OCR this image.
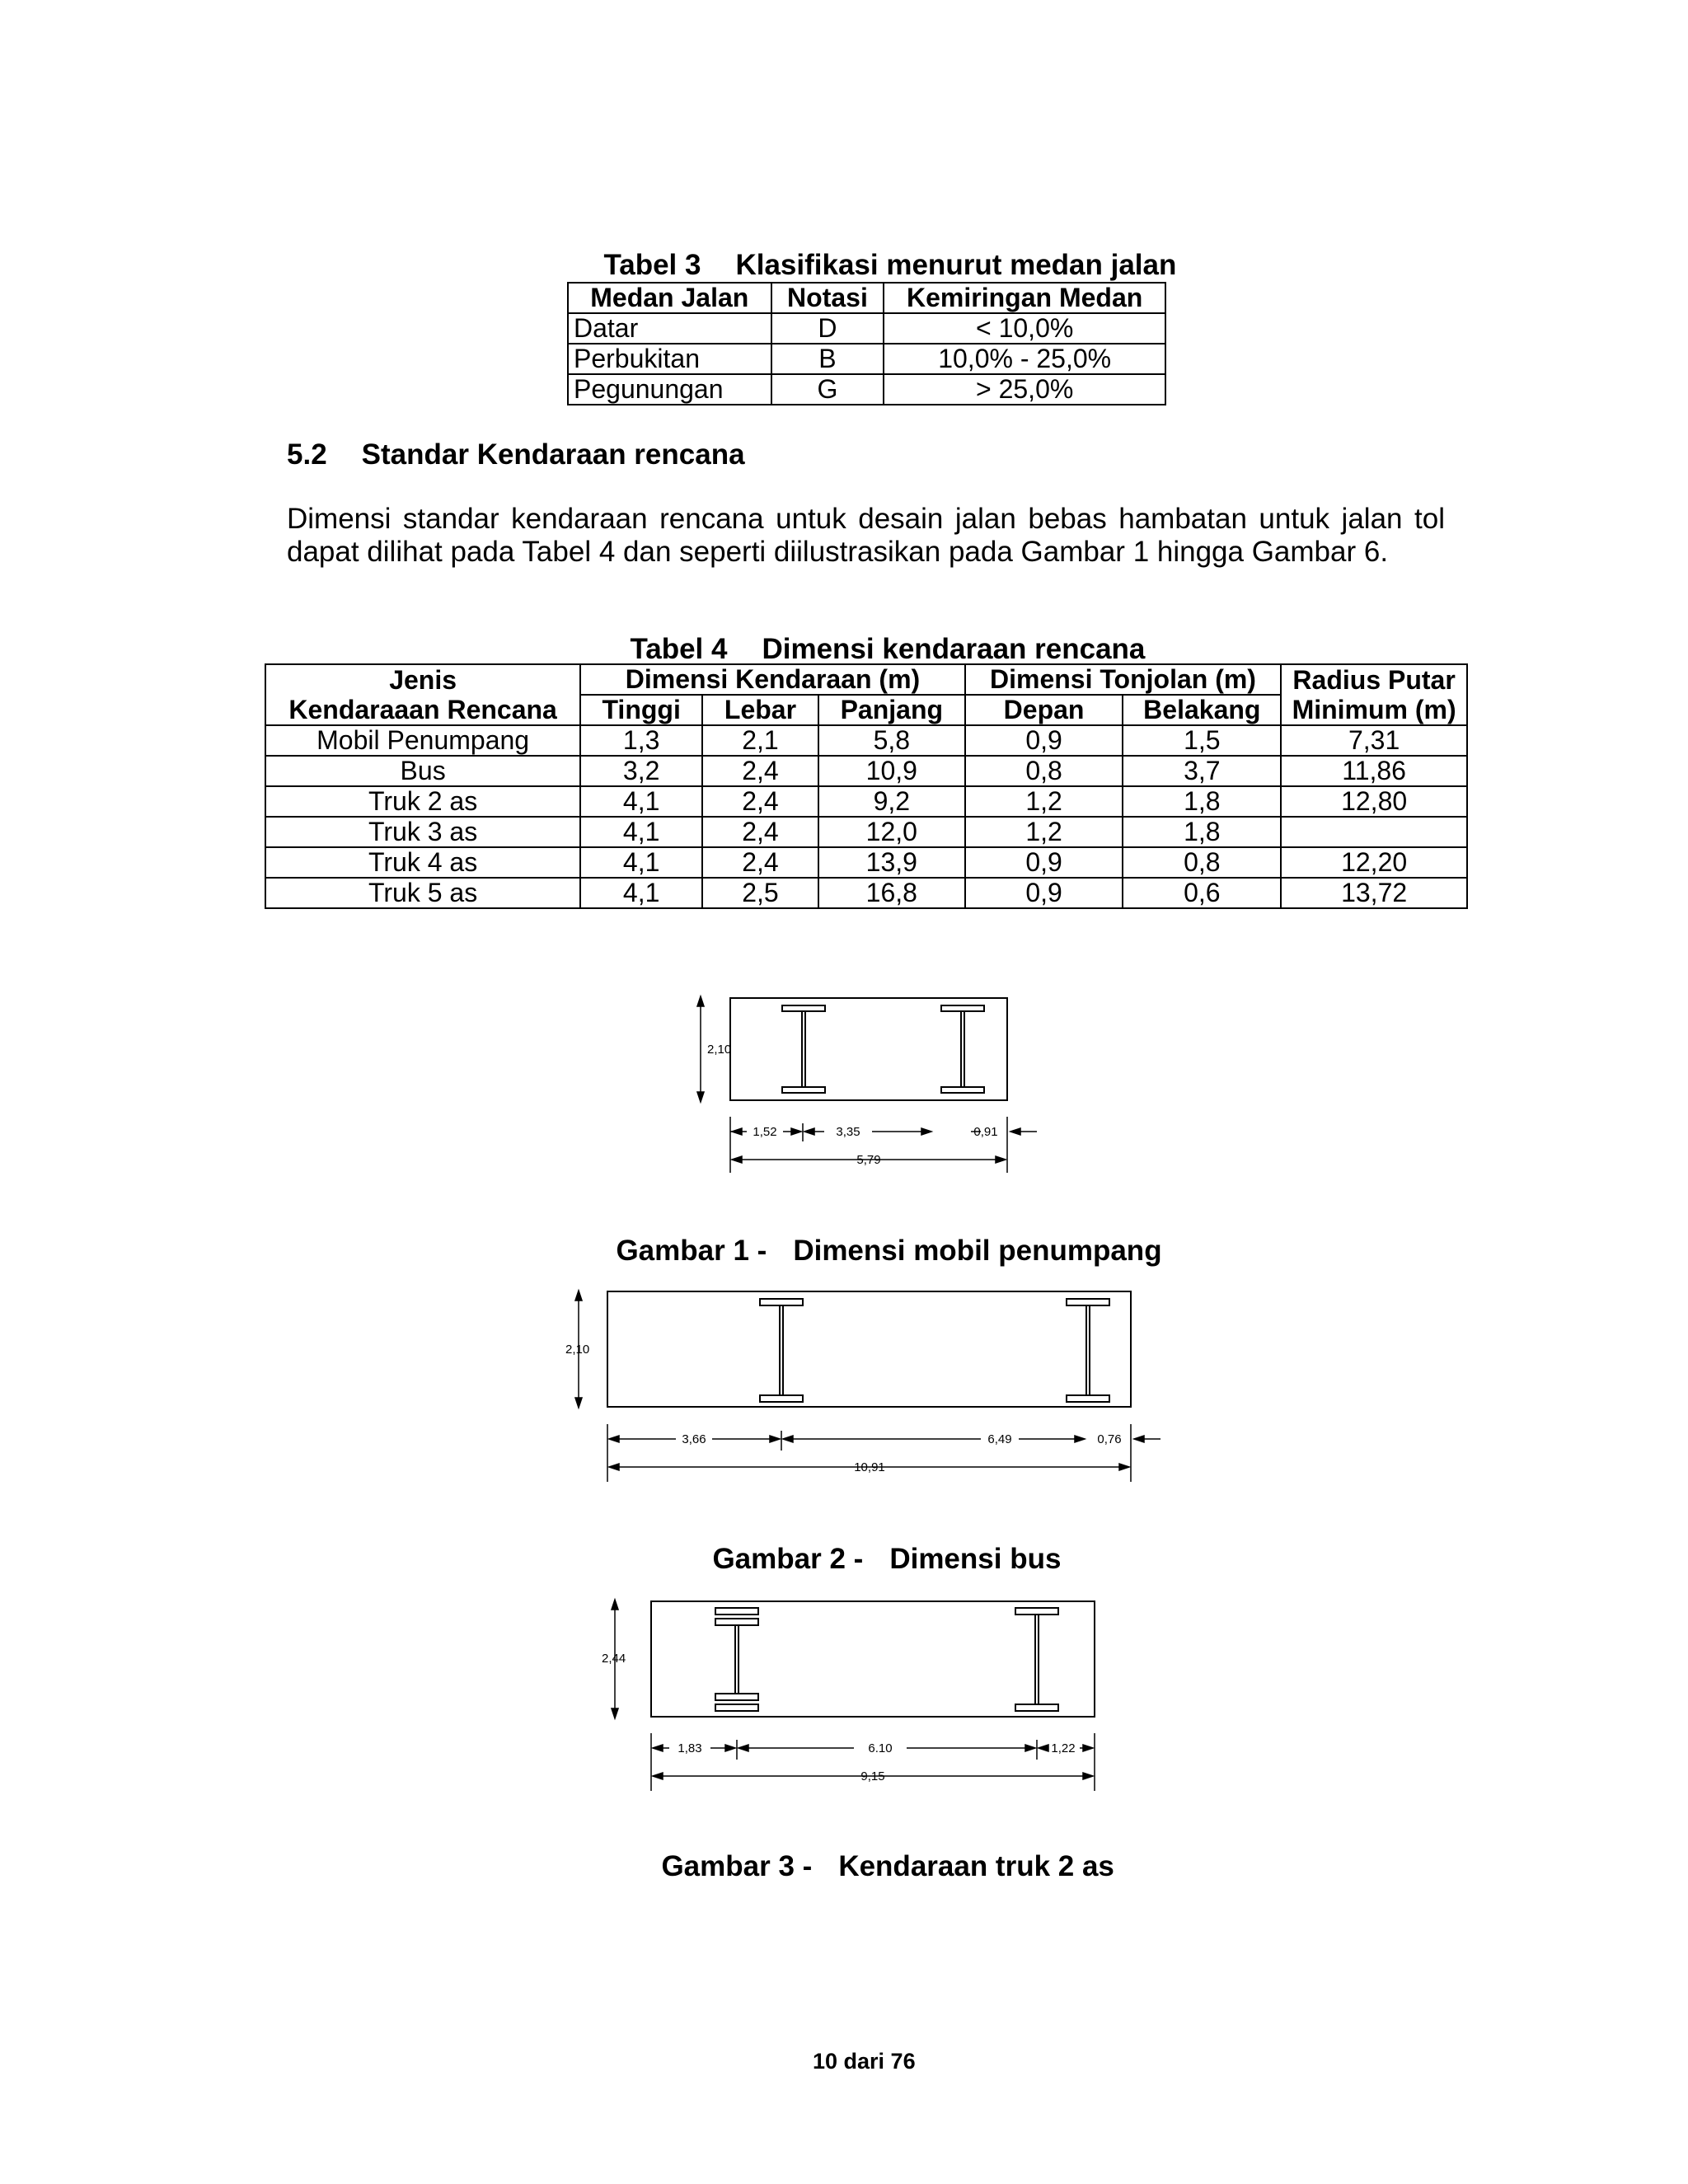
Tabel 3 Klasifikasi menurut medan jalan

Medan Jalan	Notasi	Kemiringan Medan
Datar	D	< 10,0%
Perbukitan	B	10,0% - 25,0%
Pegunungan	G	> 25,0%
5.2 Standar Kendaraan rencana
Dimensi standar kendaraan rencana untuk desain jalan bebas hambatan untuk jalan tol
dapat dilihat pada Tabel 4 dan seperti diilustrasikan pada Gambar 1 hingga Gambar 6.

Tabel 4 Dimensi kendaraan rencana

Jenis	Dimensi Kendaraan (m)			Dimensi Tonjolan (m)		Radius Putar
Kendaraaan Rencana	Tinggi	Lebar	Panjang	Depan	Belakang	Minimum (m)
Mobil Penumpang	1,3	2,1	5,8	0,9	1,5	7,31
Bus	3,2	2,4	10,9	0,8	3,7	11,86
Truk 2 as	4,1	2,4	9,2	1,2	1,8	12,80
Truk 3 as	4,1	2,4	12,0	1,2	1,8	
Truk 4 as	4,1	2,4	13,9	0,9	0,8	12,20
Truk 5 as	4,1	2,5	16,8	0,9	0,6	13,72
2,10
1,52	3,35	0,91
5,79

Gambar 1 - Dimensi mobil penumpang

2,10
3,66	6,49	0,76
10,91

Gambar 2 - Dimensi bus

2,44
1,83	6.10	1,22
9,15

Gambar 3 - Kendaraan truk 2 as

10 dari 76
